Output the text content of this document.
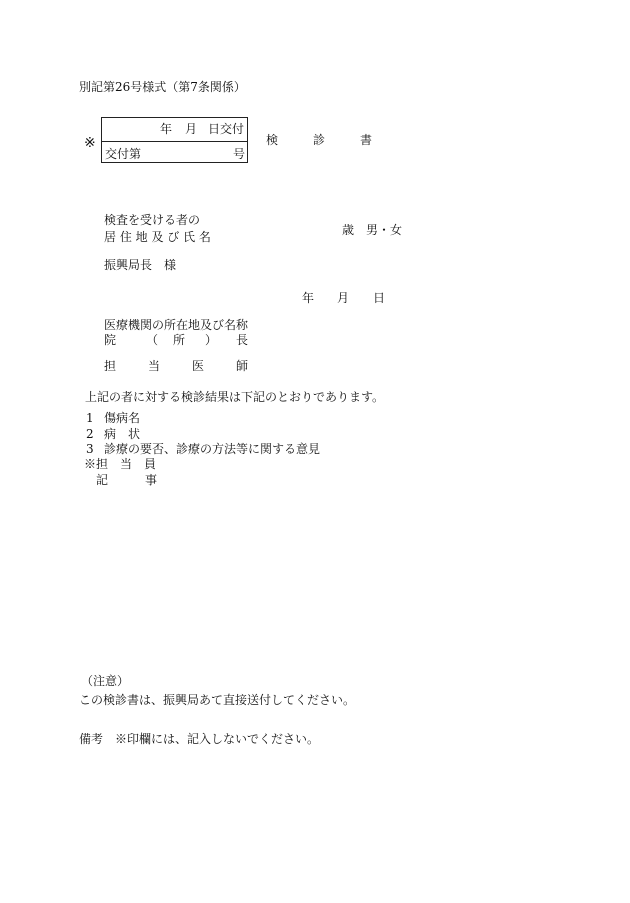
別記第26号様式（第7条関係）
※
年 月 日交付
交付第	号
検	診	書
検査を受ける者の
居 住 地 及 び 氏 名	歳　男・女
振興局長　様
年 月 日
医療機関の所在地及び名称
院 （ 所 ） 長
担	当	医	師
上記の者に対する検診結果は下記のとおりであります。
1 傷病名
2 病　状
3 診療の要否、診療の方法等に関する意見
※担　当　員
記	事
（注意）
この検診書は、振興局あて直接送付してください。
備考　※印欄には、記入しないでください。
